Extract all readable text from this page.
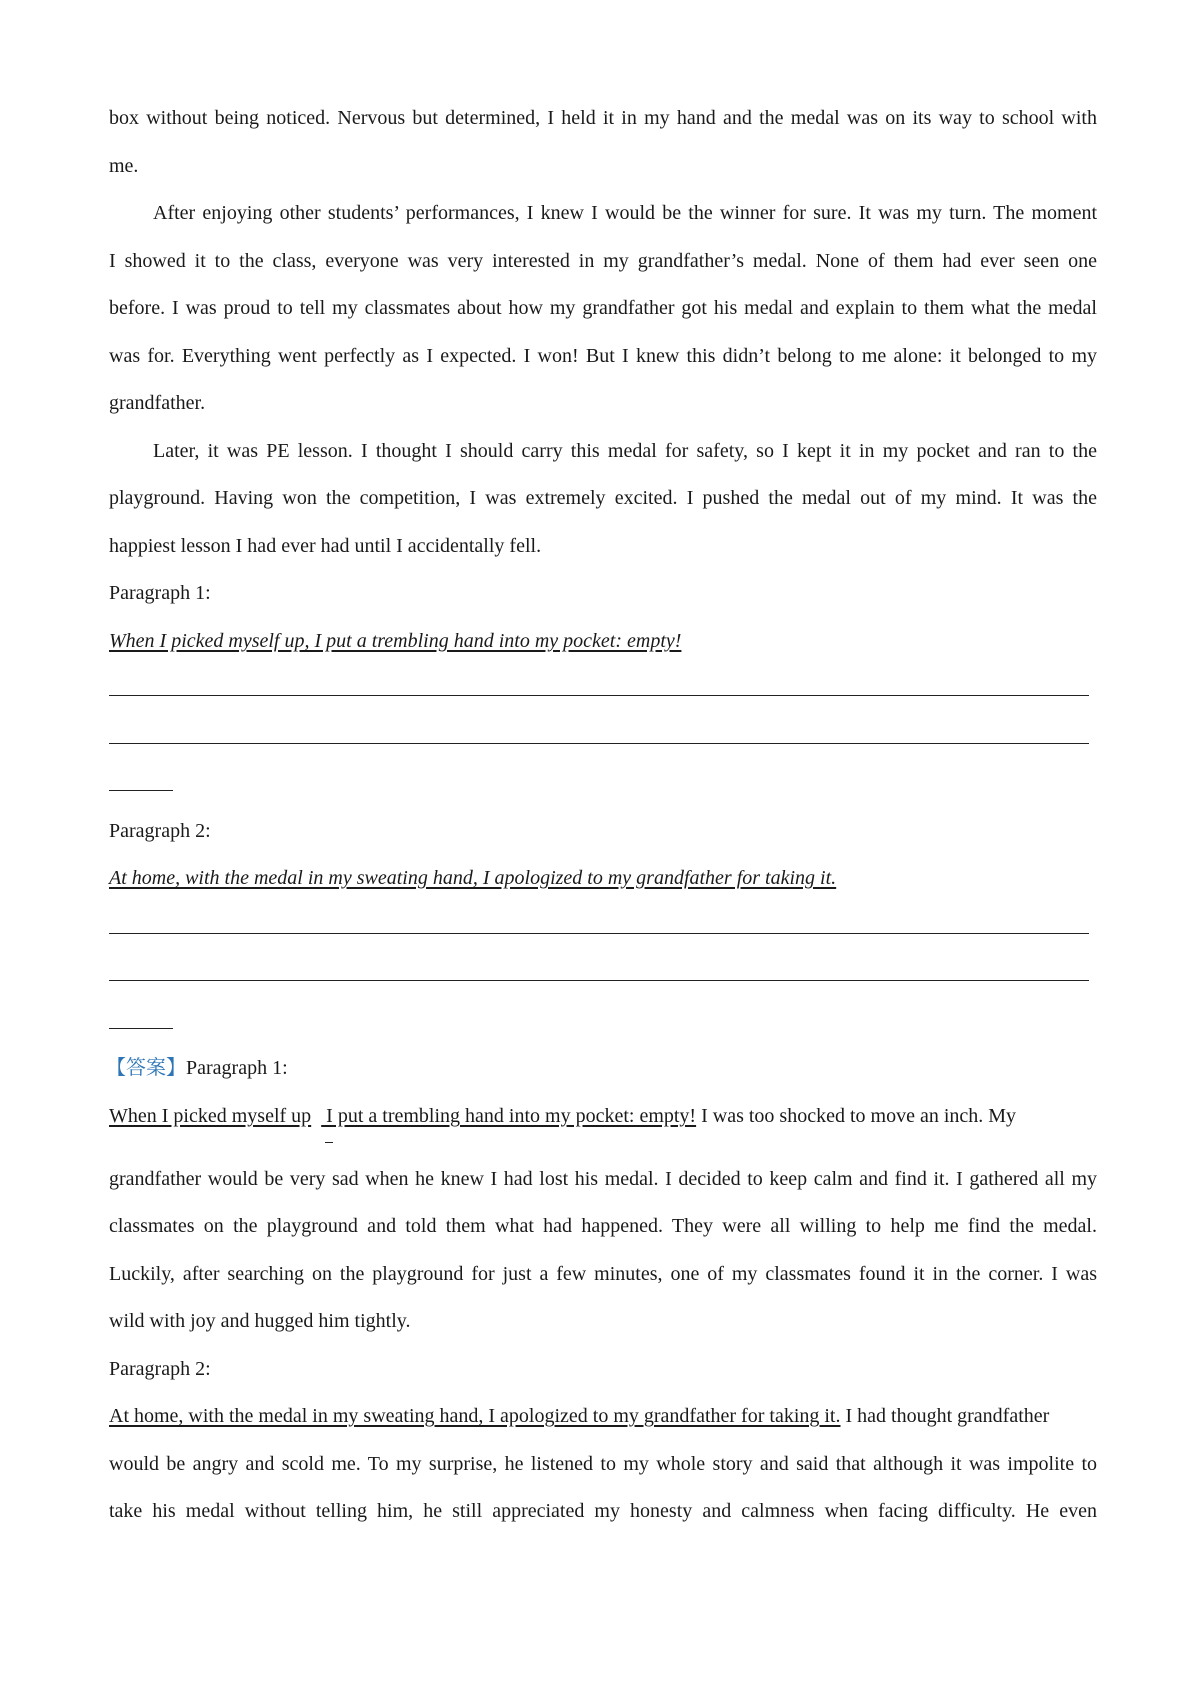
box without being noticed. Nervous but determined, I held it in my hand and the medal was on its way to school with
me.
After enjoying other students’ performances, I knew I would be the winner for sure. It was my turn. The moment
I showed it to the class, everyone was very interested in my grandfather’s medal. None of them had ever seen one
before. I was proud to tell my classmates about how my grandfather got his medal and explain to them what the medal
was for. Everything went perfectly as I expected. I won! But I knew this didn’t belong to me alone: it belonged to my
grandfather.
Later, it was PE lesson. I thought I should carry this medal for safety, so I kept it in my pocket and ran to the
playground. Having won the competition, I was extremely excited. I pushed the medal out of my mind. It was the
happiest lesson I had ever had until I accidentally fell.
Paragraph 1:
When I picked myself up, I put a trembling hand into my pocket: empty!
Paragraph 2:
At home, with the medal in my sweating hand, I apologized to my grandfather for taking it.
【答案】Paragraph 1:
When I picked myself up I put a trembling hand into my pocket: empty! I was too shocked to move an inch. My
grandfather would be very sad when he knew I had lost his medal. I decided to keep calm and find it. I gathered all my
classmates on the playground and told them what had happened. They were all willing to help me find the medal.
Luckily, after searching on the playground for just a few minutes, one of my classmates found it in the corner. I was
wild with joy and hugged him tightly.
Paragraph 2:
At home, with the medal in my sweating hand, I apologized to my grandfather for taking it. I had thought grandfather
would be angry and scold me. To my surprise, he listened to my whole story and said that although it was impolite to
take his medal without telling him, he still appreciated my honesty and calmness when facing difficulty. He even
